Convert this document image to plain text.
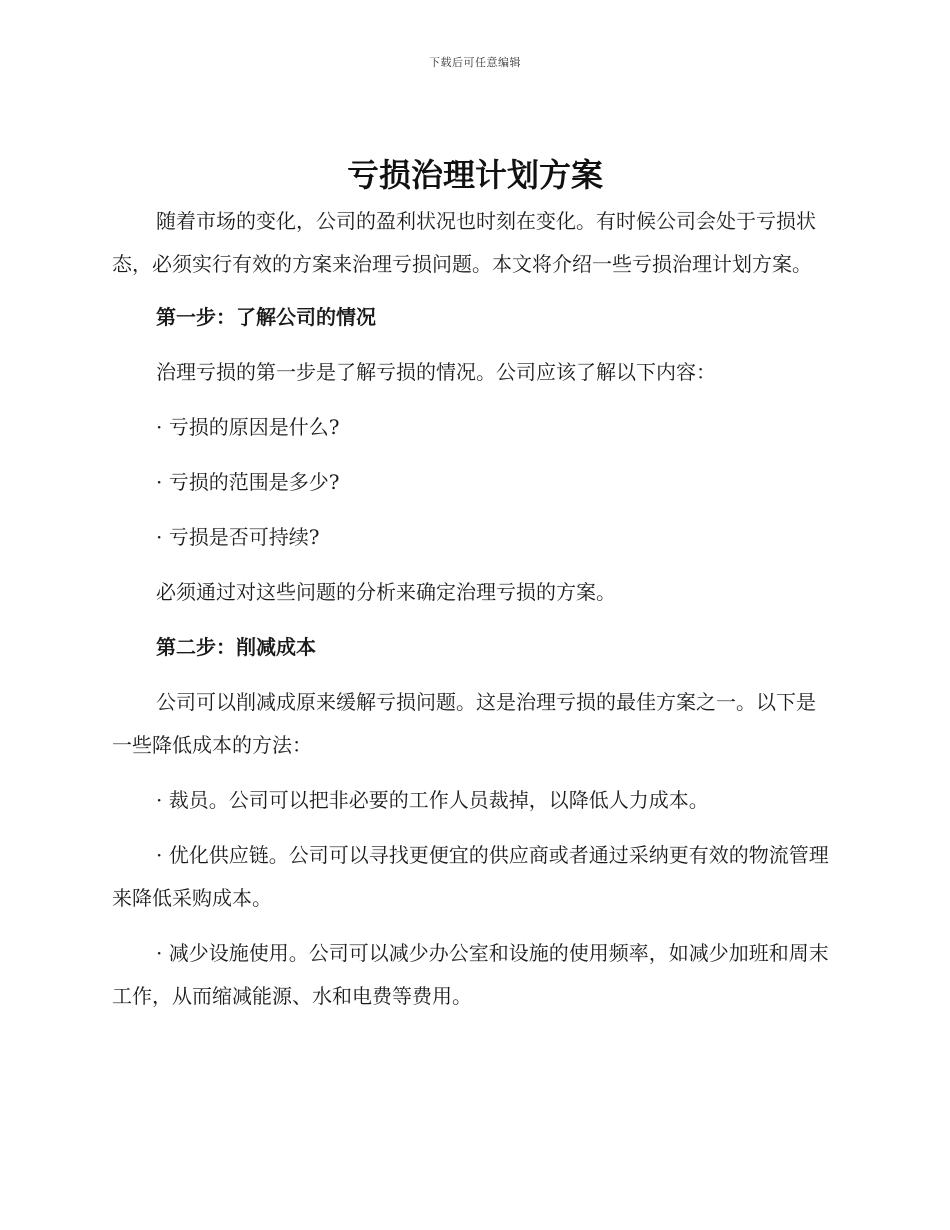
下载后可任意编辑
亏损治理计划方案

随着市场的变化，公司的盈利状况也时刻在变化。有时候公司会处于亏损状态，必须实行有效的方案来治理亏损问题。本文将介绍一些亏损治理计划方案。

第一步：了解公司的情况

治理亏损的第一步是了解亏损的情况。公司应该了解以下内容：

· 亏损的原因是什么?

· 亏损的范围是多少?

· 亏损是否可持续?

必须通过对这些问题的分析来确定治理亏损的方案。

第二步：削减成本

公司可以削减成原来缓解亏损问题。这是治理亏损的最佳方案之一。以下是一些降低成本的方法：

· 裁员。公司可以把非必要的工作人员裁掉，以降低人力成本。

· 优化供应链。公司可以寻找更便宜的供应商或者通过采纳更有效的物流管理来降低采购成本。

· 减少设施使用。公司可以减少办公室和设施的使用频率，如减少加班和周末工作，从而缩减能源、水和电费等费用。
